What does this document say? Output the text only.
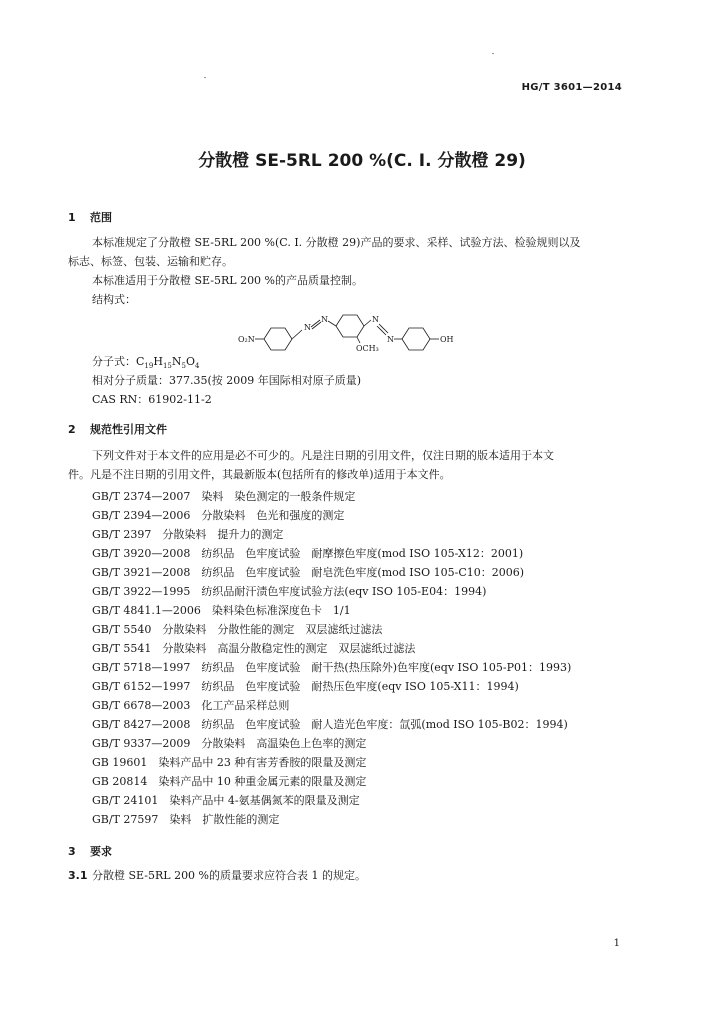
HG/T 3601—2014
分散橙 SE-5RL 200 %(C. I. 分散橙 29)
1 范围
本标准规定了分散橙 SE-5RL 200 %(C. I. 分散橙 29)产品的要求、采样、试验方法、检验规则以及
标志、标签、包装、运输和贮存。
本标准适用于分散橙 SE-5RL 200 %的产品质量控制。
结构式：
O₂N
N
N
OCH₃
N
N	OH
分子式：$C_{19}H_{15}N_5O_4$
相对分子质量：377.35(按 2009 年国际相对原子质量)
CAS RN：61902-11-2
2 规范性引用文件
下列文件对于本文件的应用是必不可少的。凡是注日期的引用文件，仅注日期的版本适用于本文
件。凡是不注日期的引用文件，其最新版本(包括所有的修改单)适用于本文件。
GB/T 2374—2007　染料　染色测定的一般条件规定
GB/T 2394—2006　分散染料　色光和强度的测定
GB/T 2397　分散染料　提升力的测定
GB/T 3920—2008　纺织品　色牢度试验　耐摩擦色牢度(mod ISO 105-X12：2001)
GB/T 3921—2008　纺织品　色牢度试验　耐皂洗色牢度(mod ISO 105-C10：2006)
GB/T 3922—1995　纺织品耐汗渍色牢度试验方法(eqv ISO 105-E04：1994)
GB/T 4841.1—2006　染料染色标准深度色卡　1/1
GB/T 5540　分散染料　分散性能的测定　双层滤纸过滤法
GB/T 5541　分散染料　高温分散稳定性的测定　双层滤纸过滤法
GB/T 5718—1997　纺织品　色牢度试验　耐干热(热压除外)色牢度(eqv ISO 105-P01：1993)
GB/T 6152—1997　纺织品　色牢度试验　耐热压色牢度(eqv ISO 105-X11：1994)
GB/T 6678—2003　化工产品采样总则
GB/T 8427—2008　纺织品　色牢度试验　耐人造光色牢度：氙弧(mod ISO 105-B02：1994)
GB/T 9337—2009　分散染料　高温染色上色率的测定
GB 19601　染料产品中 23 种有害芳香胺的限量及测定
GB 20814　染料产品中 10 种重金属元素的限量及测定
GB/T 24101　染料产品中 4-氨基偶氮苯的限量及测定
GB/T 27597　染料　扩散性能的测定
3 要求
3.1 分散橙 SE-5RL 200 %的质量要求应符合表 1 的规定。
1
